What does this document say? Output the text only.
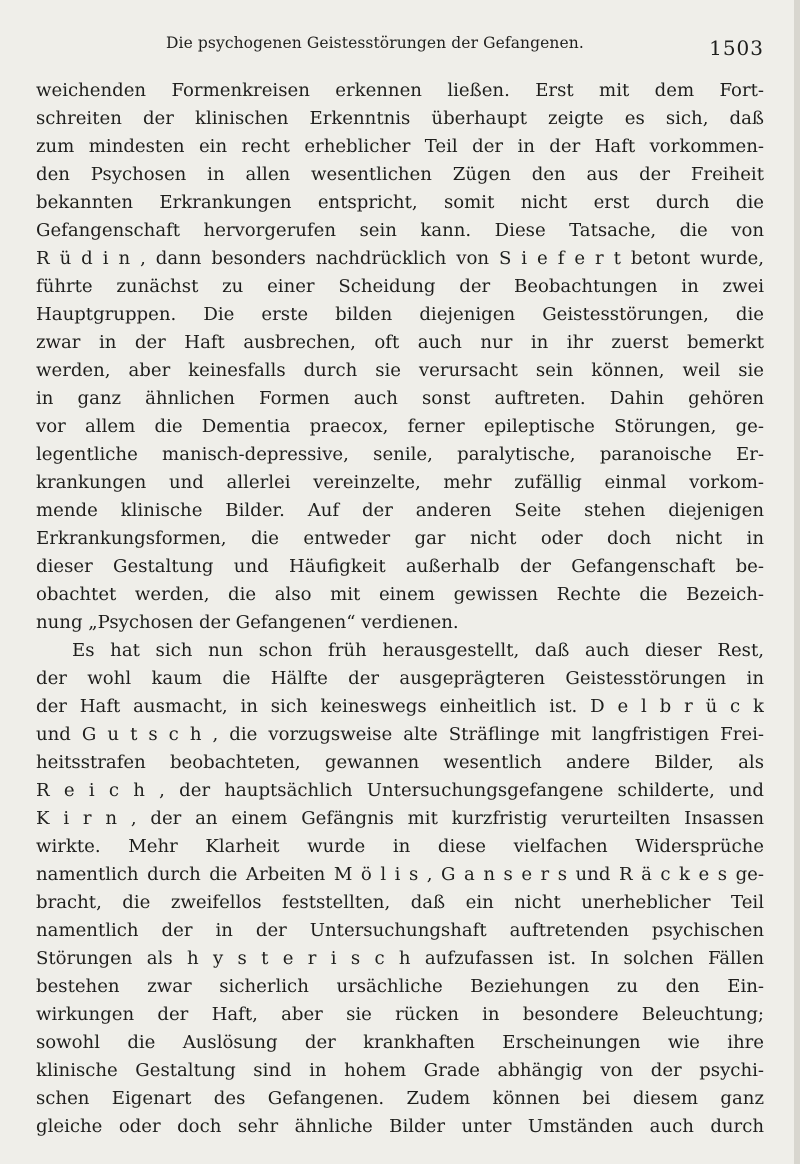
Die psychogenen Geistesstörungen der Gefangenen.	1503
weichenden Formenkreisen erkennen ließen. Erst mit dem Fort-
schreiten der klinischen Erkenntnis überhaupt zeigte es sich, daß
zum mindesten ein recht erheblicher Teil der in der Haft vorkommen-
den Psychosen in allen wesentlichen Zügen den aus der Freiheit
bekannten Erkrankungen entspricht, somit nicht erst durch die
Gefangenschaft hervorgerufen sein kann. Diese Tatsache, die von
R ü d i n , dann besonders nachdrücklich von S i e f e r t betont wurde,
führte zunächst zu einer Scheidung der Beobachtungen in zwei
Hauptgruppen. Die erste bilden diejenigen Geistesstörungen, die
zwar in der Haft ausbrechen, oft auch nur in ihr zuerst bemerkt
werden, aber keinesfalls durch sie verursacht sein können, weil sie
in ganz ähnlichen Formen auch sonst auftreten. Dahin gehören
vor allem die Dementia praecox, ferner epileptische Störungen, ge-
legentliche manisch-depressive, senile, paralytische, paranoische Er-
krankungen und allerlei vereinzelte, mehr zufällig einmal vorkom-
mende klinische Bilder. Auf der anderen Seite stehen diejenigen
Erkrankungsformen, die entweder gar nicht oder doch nicht in
dieser Gestaltung und Häufigkeit außerhalb der Gefangenschaft be-
obachtet werden, die also mit einem gewissen Rechte die Bezeich-
nung „Psychosen der Gefangenen“ verdienen.
Es hat sich nun schon früh herausgestellt, daß auch dieser Rest,
der wohl kaum die Hälfte der ausgeprägteren Geistesstörungen in
der Haft ausmacht, in sich keineswegs einheitlich ist. D e l b r ü c k
und G u t s c h , die vorzugsweise alte Sträflinge mit langfristigen Frei-
heitsstrafen beobachteten, gewannen wesentlich andere Bilder, als
R e i c h , der hauptsächlich Untersuchungsgefangene schilderte, und
K i r n , der an einem Gefängnis mit kurzfristig verurteilten Insassen
wirkte. Mehr Klarheit wurde in diese vielfachen Widersprüche
namentlich durch die Arbeiten M ö l i s , G a n s e r s und R ä c k e s ge-
bracht, die zweifellos feststellten, daß ein nicht unerheblicher Teil
namentlich der in der Untersuchungshaft auftretenden psychischen
Störungen als h y s t e r i s c h aufzufassen ist. In solchen Fällen
bestehen zwar sicherlich ursächliche Beziehungen zu den Ein-
wirkungen der Haft, aber sie rücken in besondere Beleuchtung;
sowohl die Auslösung der krankhaften Erscheinungen wie ihre
klinische Gestaltung sind in hohem Grade abhängig von der psychi-
schen Eigenart des Gefangenen. Zudem können bei diesem ganz
gleiche oder doch sehr ähnliche Bilder unter Umständen auch durch
